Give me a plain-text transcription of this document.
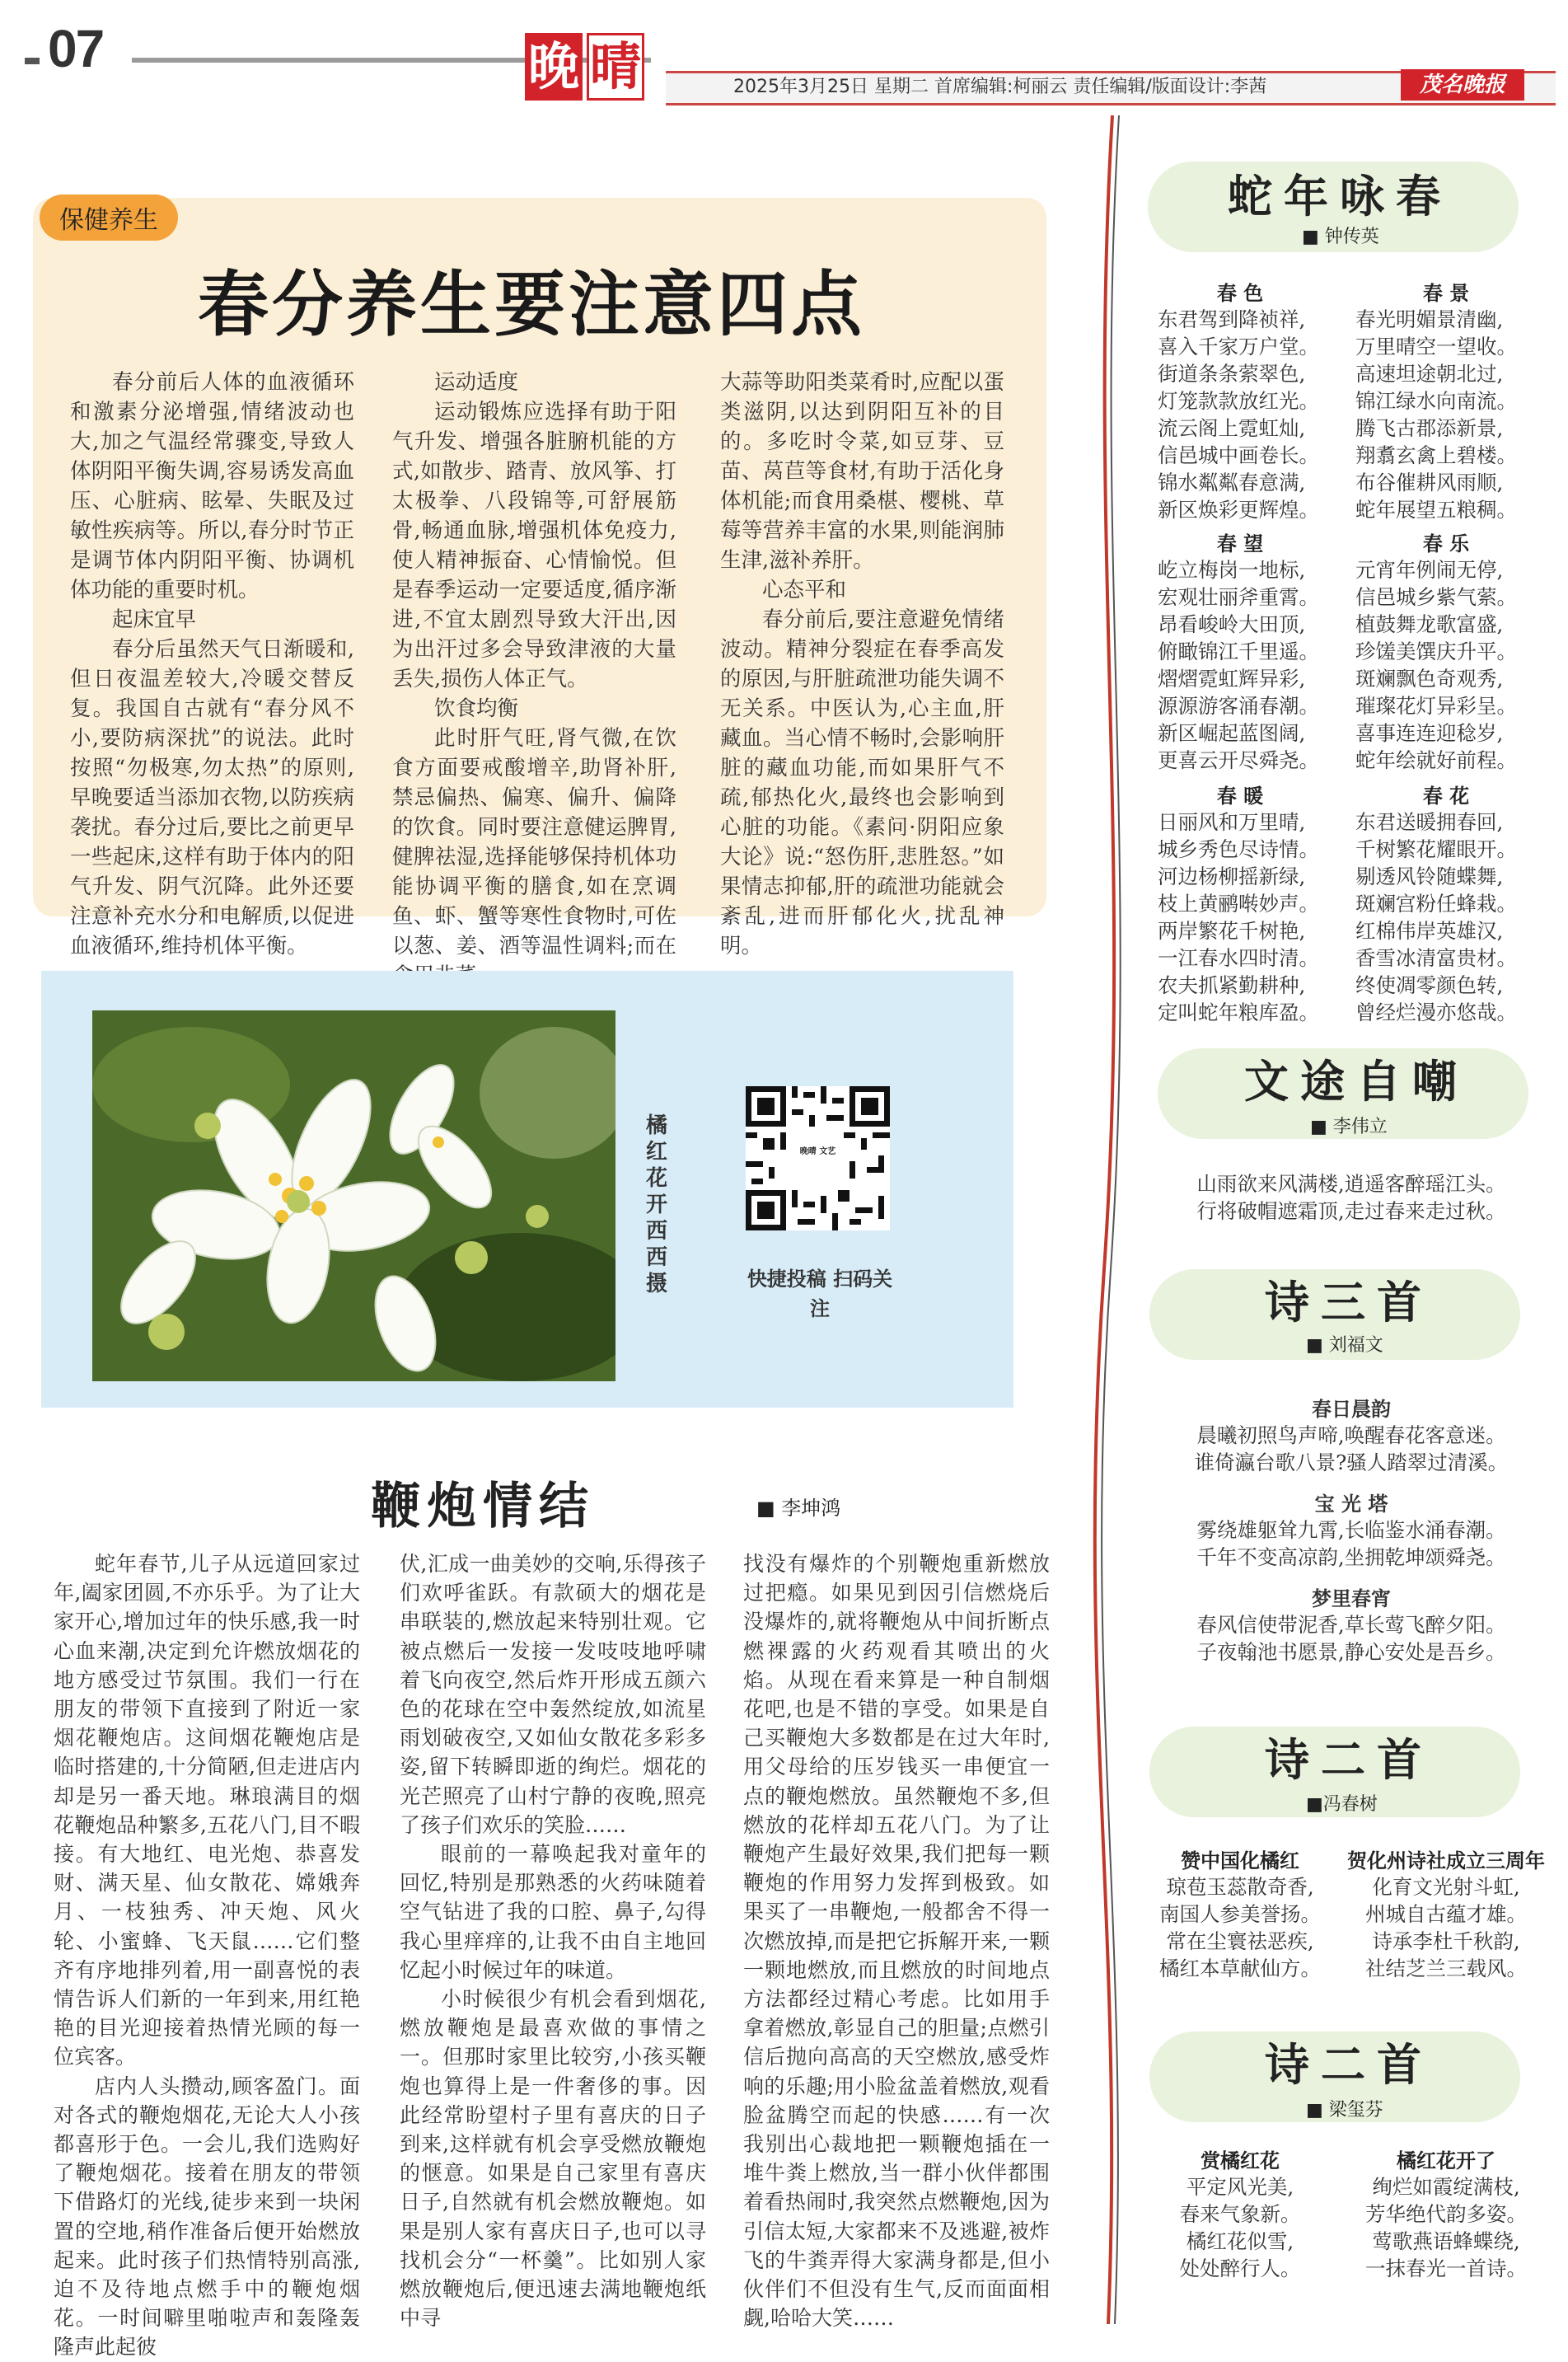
07	晚 晴	2025年3月25日 星期二 首席编辑:柯丽云 责任编辑/版面设计:李茜	茂名晚报
保健养生
春分养生要注意四点

春分前后人体的血液循环和激素分泌增强,情绪波动也大,加之气温经常骤变,导致人体阴阳平衡失调,容易诱发高血压、心脏病、眩晕、失眠及过敏性疾病等。所以,春分时节正是调节体内阴阳平衡、协调机体功能的重要时机。

起床宜早

春分后虽然天气日渐暖和,但日夜温差较大,冷暖交替反复。我国自古就有“春分风不小,要防病深扰”的说法。此时按照“勿极寒,勿太热”的原则,早晚要适当添加衣物,以防疾病袭扰。春分过后,要比之前更早一些起床,这样有助于体内的阳气升发、阴气沉降。此外还要注意补充水分和电解质,以促进血液循环,维持机体平衡。

运动适度

运动锻炼应选择有助于阳气升发、增强各脏腑机能的方式,如散步、踏青、放风筝、打太极拳、八段锦等,可舒展筋骨,畅通血脉,增强机体免疫力,使人精神振奋、心情愉悦。但是春季运动一定要适度,循序渐进,不宜太剧烈导致大汗出,因为出汗过多会导致津液的大量丢失,损伤人体正气。

饮食均衡

此时肝气旺,肾气微,在饮食方面要戒酸增辛,助肾补肝,禁忌偏热、偏寒、偏升、偏降的饮食。同时要注意健运脾胃,健脾祛湿,选择能够保持机体功能协调平衡的膳食,如在烹调鱼、虾、蟹等寒性食物时,可佐以葱、姜、酒等温性调料;而在

大蒜等助阳类菜肴时,应配以蛋类滋阴,以达到阴阳互补的目的。多吃时令菜,如豆芽、豆苗、莴苣等食材,有助于活化身体机能;而食用桑椹、樱桃、草莓等营养丰富的水果,则能润肺生津,滋补养肝。

心态平和

春分前后,要注意避免情绪波动。精神分裂症在春季高发的原因,与肝脏疏泄功能失调不无关系。中医认为,心主血,肝藏血。当心情不畅时,会影响肝脏的藏血功能,而如果肝气不疏,郁热化火,最终也会影响到心脏的功能。《素问·阴阳应象大论》说:“怒伤肝,悲胜怒。”如果情志抑郁,肝的疏泄功能就会紊乱,进而肝郁化火,扰乱神明。

橘红花开 西西 摄
晚晴 文艺
快捷投稿 扫码关注
鞭炮情结	■ 李坤鸿

蛇年春节,儿子从远道回家过年,阖家团圆,不亦乐乎。为了让大家开心,增加过年的快乐感,我一时心血来潮,决定到允许燃放烟花的地方感受过节氛围。我们一行在朋友的带领下直接到了附近一家烟花鞭炮店。这间烟花鞭炮店是临时搭建的,十分简陋,但走进店内却是另一番天地。琳琅满目的烟花鞭炮品种繁多,五花八门,目不暇接。有大地红、电光炮、恭喜发财、满天星、仙女散花、嫦娥奔月、一枝独秀、冲天炮、风火轮、小蜜蜂、飞天鼠……它们整齐有序地排列着,用一副喜悦的表情告诉人们新的一年到来,用红艳艳的目光迎接着热情光顾的每一位宾客。

店内人头攒动,顾客盈门。面对各式的鞭炮烟花,无论大人小孩都喜形于色。一会儿,我们选购好了鞭炮烟花。接着在朋友的带领下借路灯的光线,徒步来到一块闲置的空地,稍作准备后便开始燃放起来。此时孩子们热情特别高涨,迫不及待地点燃手中的鞭炮烟花。一时间噼里啪啦声和轰隆轰隆声此起彼

伏,汇成一曲美妙的交响,乐得孩子们欢呼雀跃。有款硕大的烟花是串联装的,燃放起来特别壮观。它被点燃后一发接一发吱吱地呼啸着飞向夜空,然后炸开形成五颜六色的花球在空中轰然绽放,如流星雨划破夜空,又如仙女散花多彩多姿,留下转瞬即逝的绚烂。烟花的光芒照亮了山村宁静的夜晚,照亮了孩子们欢乐的笑脸……

眼前的一幕唤起我对童年的回忆,特别是那熟悉的火药味随着空气钻进了我的口腔、鼻子,勾得我心里痒痒的,让我不由自主地回忆起小时候过年的味道。

小时候很少有机会看到烟花,燃放鞭炮是最喜欢做的事情之一。但那时家里比较穷,小孩买鞭炮也算得上是一件奢侈的事。因此经常盼望村子里有喜庆的日子到来,这样就有机会享受燃放鞭炮的惬意。如果是自己家里有喜庆日子,自然就有机会燃放鞭炮。如果是别人家有喜庆日子,也可以寻找机会分“一杯羹”。比如别人家燃放鞭炮后,便迅速去满地鞭炮纸中寻

找没有爆炸的个别鞭炮重新燃放过把瘾。如果见到因引信燃烧后没爆炸的,就将鞭炮从中间折断点燃裸露的火药观看其喷出的火焰。从现在看来算是一种自制烟花吧,也是不错的享受。如果是自己买鞭炮大多数都是在过大年时,用父母给的压岁钱买一串便宜一点的鞭炮燃放。虽然鞭炮不多,但燃放的花样却五花八门。为了让鞭炮产生最好效果,我们把每一颗鞭炮的作用努力发挥到极致。如果买了一串鞭炮,一般都舍不得一次燃放掉,而是把它拆解开来,一颗一颗地燃放,而且燃放的时间地点方法都经过精心考虑。比如用手拿着燃放,彰显自己的胆量;点燃引信后抛向高高的天空燃放,感受炸响的乐趣;用小脸盆盖着燃放,观看脸盆腾空而起的快感……有一次我别出心裁地把一颗鞭炮插在一堆牛粪上燃放,当一群小伙伴都围着看热闹时,我突然点燃鞭炮,因为引信太短,大家都来不及逃避,被炸飞的牛粪弄得大家满身都是,但小伙伴们不但没有生气,反而面面相觑,哈哈大笑……

蛇年咏春
■ 钟传英
春 色
东君驾到降祯祥,
喜入千家万户堂。
街道条条萦翠色,
灯笼款款放红光。
流云阁上霓虹灿,
信邑城中画卷长。
锦水粼粼春意满,
新区焕彩更辉煌。
春 景
春光明媚景清幽,
万里晴空一望收。
高速坦途朝北过,
锦江绿水向南流。
腾飞古郡添新景,
翔翥玄禽上碧楼。
布谷催耕风雨顺,
蛇年展望五粮稠。
春 望
屹立梅岗一地标,
宏观壮丽斧重霄。
昂看峻岭大田顶,
俯瞰锦江千里遥。
熠熠霓虹辉异彩,
源源游客涌春潮。
新区崛起蓝图阔,
更喜云开尽舜尧。
春 乐
元宵年例闹无停,
信邑城乡紫气萦。
植鼓舞龙歌富盛,
珍馐美馔庆升平。
斑斓飘色奇观秀,
璀璨花灯异彩呈。
喜事连连迎稔岁,
蛇年绘就好前程。
春 暖
日丽风和万里晴,
城乡秀色尽诗情。
河边杨柳摇新绿,
枝上黄鹂啭妙声。
两岸繁花千树艳,
一江春水四时清。
农夫抓紧勤耕种,
定叫蛇年粮库盈。
春 花
东君送暖拥春回,
千树繁花耀眼开。
剔透风铃随蝶舞,
斑斓宫粉任蜂栽。
红棉伟岸英雄汉,
香雪冰清富贵材。
终使凋零颜色转,
曾经烂漫亦悠哉。
文途自嘲
■ 李伟立
山雨欲来风满楼,逍遥客醉瑶江头。
行将破帽遮霜顶,走过春来走过秋。
诗三首
■ 刘福文
春日晨韵
晨曦初照鸟声啼,唤醒春花客意迷。
谁倚瀛台歌八景?骚人踏翠过清溪。
宝 光 塔
雾绕雄躯耸九霄,长临鉴水涌春潮。
千年不变高凉韵,坐拥乾坤颂舜尧。
梦里春宵
春风信使带泥香,草长莺飞醉夕阳。
子夜翰池书愿景,静心安处是吾乡。
诗二首
■冯春树
赞中国化橘红
琼苞玉蕊散奇香,
南国人参美誉扬。
常在尘寰祛恶疾,
橘红本草献仙方。
贺化州诗社成立三周年
化育文光射斗虹,
州城自古蕴才雄。
诗承李杜千秋韵,
社结芝兰三载风。
诗二首
■ 梁玺芬
赏橘红花
平定风光美,
春来气象新。
橘红花似雪,
处处醉行人。
橘红花开了
绚烂如霞绽满枝,
芳华绝代韵多姿。
莺歌燕语蜂蝶绕,
一抹春光一首诗。
